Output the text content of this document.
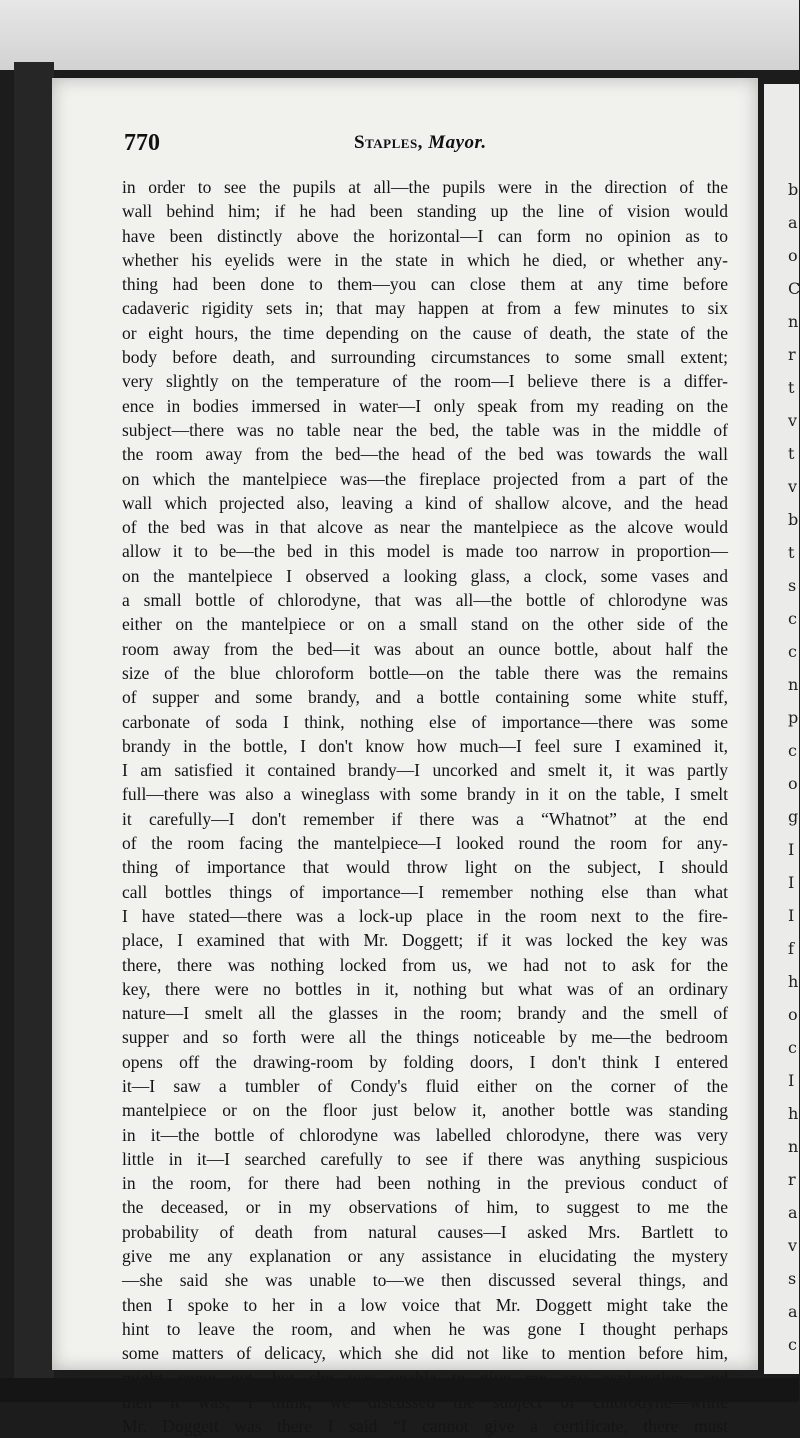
b
a
o
C
n
r
t
v
t
v
b
t
s
c
c
n
p
c
o
g
I
I
I
f
h
o
c
I
h
n
r
a
v
s
a
c
770	Staples, Mayor.
in order to see the pupils at all—the pupils were in the direction of the
wall behind him; if he had been standing up the line of vision would
have been distinctly above the horizontal—I can form no opinion as to
whether his eyelids were in the state in which he died, or whether any-
thing had been done to them—you can close them at any time before
cadaveric rigidity sets in; that may happen at from a few minutes to six
or eight hours, the time depending on the cause of death, the state of the
body before death, and surrounding circumstances to some small extent;
very slightly on the temperature of the room—I believe there is a differ-
ence in bodies immersed in water—I only speak from my reading on the
subject—there was no table near the bed, the table was in the middle of
the room away from the bed—the head of the bed was towards the wall
on which the mantelpiece was—the fireplace projected from a part of the
wall which projected also, leaving a kind of shallow alcove, and the head
of the bed was in that alcove as near the mantelpiece as the alcove would
allow it to be—the bed in this model is made too narrow in proportion—
on the mantelpiece I observed a looking glass, a clock, some vases and
a small bottle of chlorodyne, that was all—the bottle of chlorodyne was
either on the mantelpiece or on a small stand on the other side of the
room away from the bed—it was about an ounce bottle, about half the
size of the blue chloroform bottle—on the table there was the remains
of supper and some brandy, and a bottle containing some white stuff,
carbonate of soda I think, nothing else of importance—there was some
brandy in the bottle, I don't know how much—I feel sure I examined it,
I am satisfied it contained brandy—I uncorked and smelt it, it was partly
full—there was also a wineglass with some brandy in it on the table, I smelt
it carefully—I don't remember if there was a “Whatnot” at the end
of the room facing the mantelpiece—I looked round the room for any-
thing of importance that would throw light on the subject, I should
call bottles things of importance—I remember nothing else than what
I have stated—there was a lock-up place in the room next to the fire-
place, I examined that with Mr. Doggett; if it was locked the key was
there, there was nothing locked from us, we had not to ask for the
key, there were no bottles in it, nothing but what was of an ordinary
nature—I smelt all the glasses in the room; brandy and the smell of
supper and so forth were all the things noticeable by me—the bedroom
opens off the drawing-room by folding doors, I don't think I entered
it—I saw a tumbler of Condy's fluid either on the corner of the
mantelpiece or on the floor just below it, another bottle was standing
in it—the bottle of chlorodyne was labelled chlorodyne, there was very
little in it—I searched carefully to see if there was anything suspicious
in the room, for there had been nothing in the previous conduct of
the deceased, or in my observations of him, to suggest to me the
probability of death from natural causes—I asked Mrs. Bartlett to
give me any explanation or any assistance in elucidating the mystery
—she said she was unable to—we then discussed several things, and
then I spoke to her in a low voice that Mr. Doggett might take the
hint to leave the room, and when he was gone I thought perhaps
some matters of delicacy, which she did not like to mention before him,
Mr. Doggett was there I said “I cannot give a certificate, there must
